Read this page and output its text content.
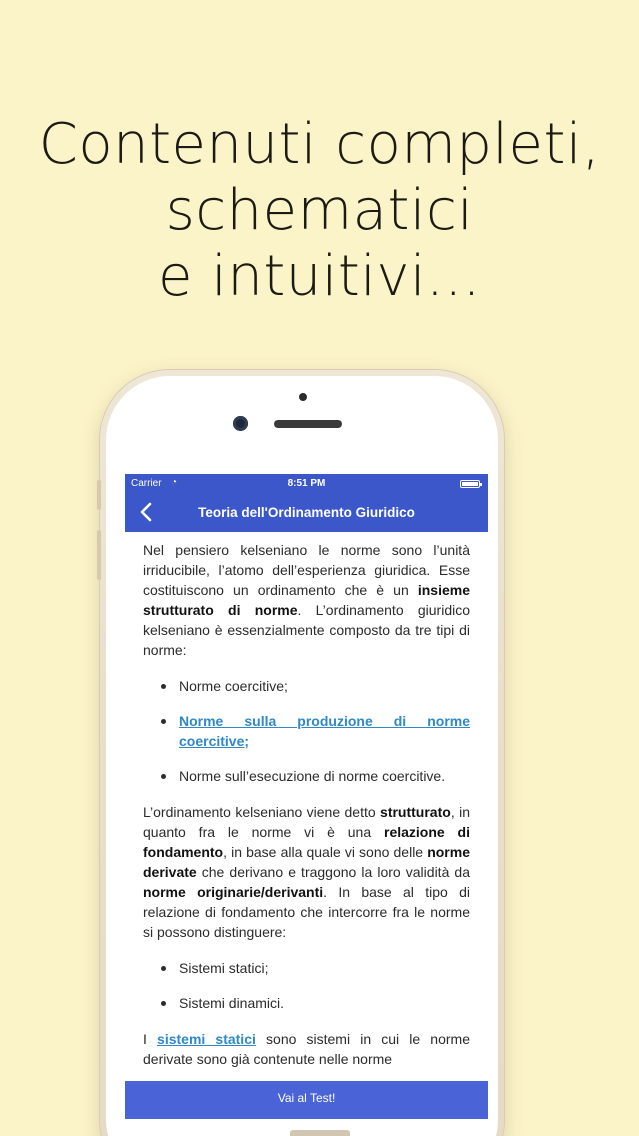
Contenuti completi,
schematici
e intuitivi...
Carrier ◔	8:51 PM
Teoria dell'Ordinamento Giuridico

Nel pensiero kelseniano le norme sono l’unità irriducibile, l’atomo dell’esperienza giuridica. Esse costituiscono un ordinamento che è un insieme strutturato di norme. L’ordinamento giuridico kelseniano è essenzialmente composto da tre tipi di norme:

Norme coercitive;
Norme sulla produzione di norme coercitive;
Norme sull’esecuzione di norme coercitive.

L’ordinamento kelseniano viene detto strutturato, in quanto fra le norme vi è una relazione di fondamento, in base alla quale vi sono delle norme derivate che derivano e traggono la loro validità da norme originarie/derivanti. In base al tipo di relazione di fondamento che intercorre fra le norme si possono distinguere:

Sistemi statici;
Sistemi dinamici.

I sistemi statici sono sistemi in cui le norme derivate sono già contenute nelle norme

Vai al Test!
